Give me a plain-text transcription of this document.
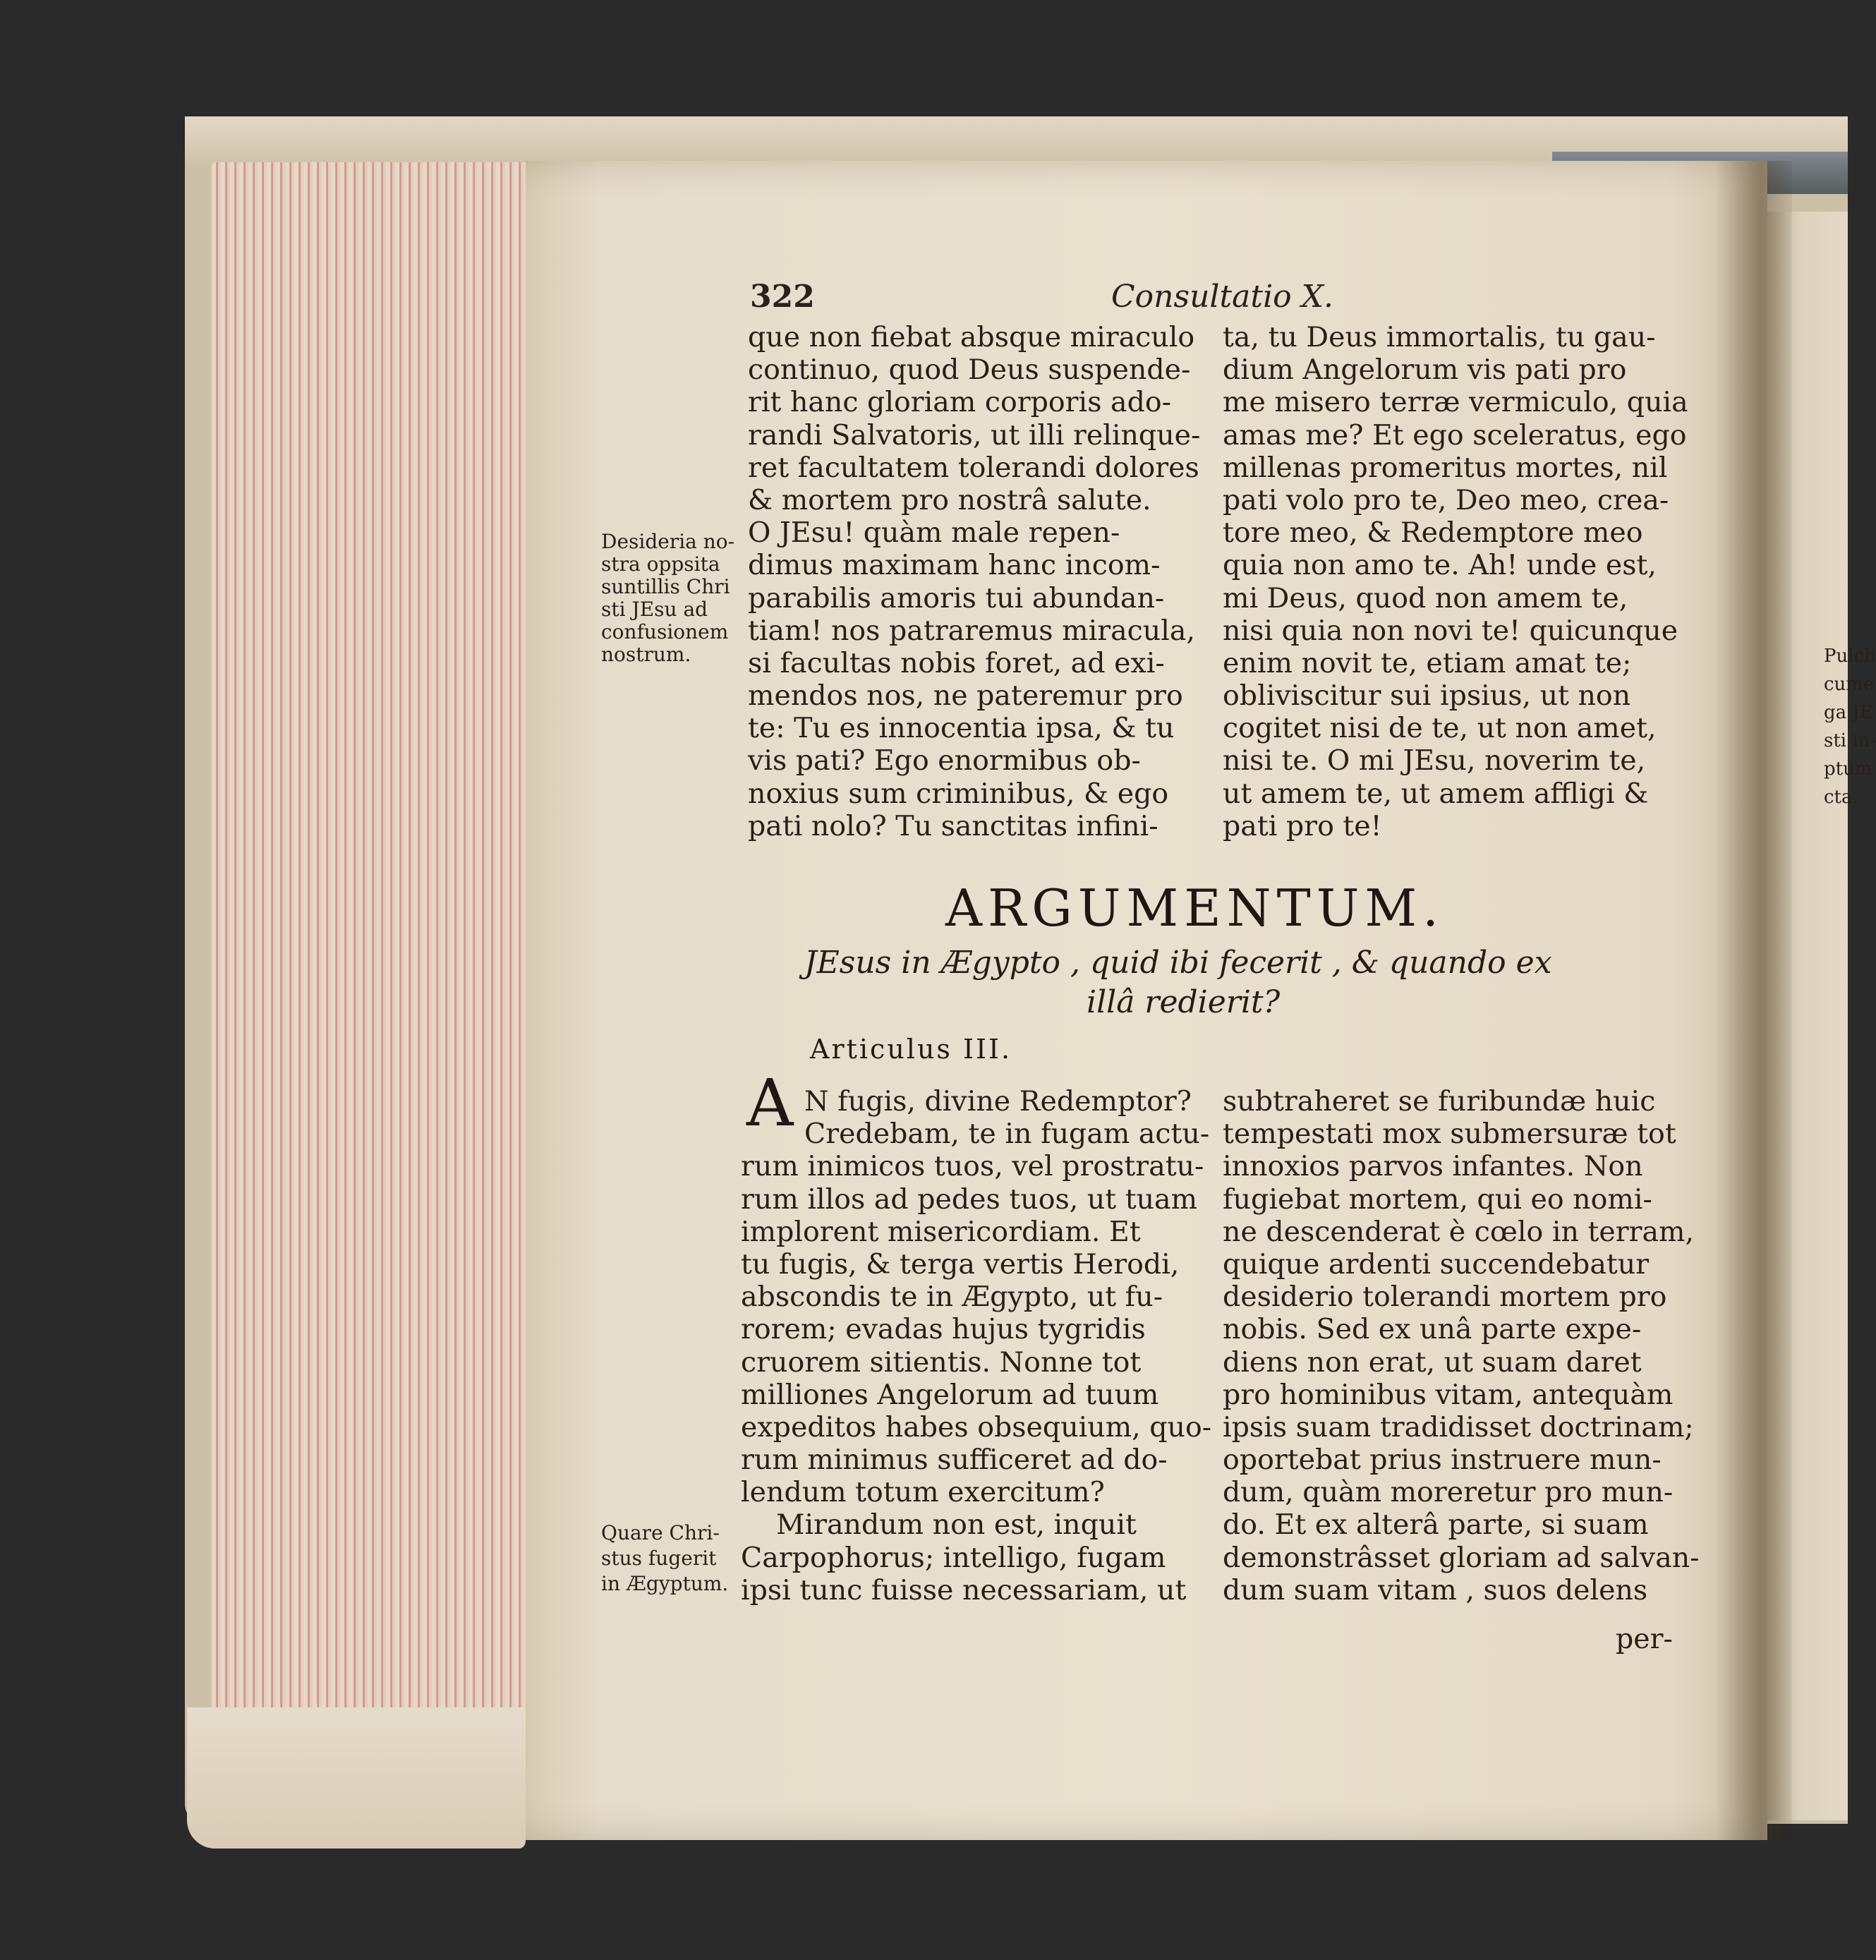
322	Consultatio X.
que non fiebat absque miraculo
continuo, quod Deus suspende-
rit hanc gloriam corporis ado-
randi Salvatoris, ut illi relinque-
ret facultatem tolerandi dolores
& mortem pro nostrâ salute.
O JEsu! quàm male repen-
dimus maximam hanc incom-
parabilis amoris tui abundan-
tiam! nos patraremus miracula,
si facultas nobis foret, ad exi-
mendos nos, ne pateremur pro
te: Tu es innocentia ipsa, & tu
vis pati? Ego enormibus ob-
noxius sum criminibus, & ego
pati nolo? Tu sanctitas infini-
ta, tu Deus immortalis, tu gau-
dium Angelorum vis pati pro
me misero terræ vermiculo, quia
amas me? Et ego sceleratus, ego
millenas promeritus mortes, nil
pati volo pro te, Deo meo, crea-
tore meo, & Redemptore meo
quia non amo te. Ah! unde est,
mi Deus, quod non amem te,
nisi quia non novi te! quicunque
enim novit te, etiam amat te;
obliviscitur sui ipsius, ut non
cogitet nisi de te, ut non amet,
nisi te. O mi JEsu, noverim te,
ut amem te, ut amem affligi &
pati pro te!
Desideria no-
stra oppsita
suntillis Chri
sti JEsu ad
confusionem
nostrum.
ARGUMENTUM.
JEsus in Ægypto , quid ibi fecerit , & quando ex
illâ redierit?
Articulus III.
A N fugis, divine Redemptor?
Credebam, te in fugam actu-
rum inimicos tuos, vel prostratu-
rum illos ad pedes tuos, ut tuam
implorent misericordiam. Et
tu fugis, & terga vertis Herodi,
abscondis te in Ægypto, ut fu-
rorem; evadas hujus tygridis
cruorem sitientis. Nonne tot
milliones Angelorum ad tuum
expeditos habes obsequium, quo-
rum minimus sufficeret ad do-
lendum totum exercitum?
Mirandum non est, inquit
Carpophorus; intelligo, fugam
ipsi tunc fuisse necessariam, ut
subtraheret se furibundæ huic
tempestati mox submersuræ tot
innoxios parvos infantes. Non
fugiebat mortem, qui eo nomi-
ne descenderat è cœlo in terram,
quique ardenti succendebatur
desiderio tolerandi mortem pro
nobis. Sed ex unâ parte expe-
diens non erat, ut suam daret
pro hominibus vitam, antequàm
ipsis suam tradidisset doctrinam;
oportebat prius instruere mun-
dum, quàm moreretur pro mun-
do. Et ex alterâ parte, si suam
demonstrâsset gloriam ad salvan-
dum suam vitam , suos delens
Quare Chri-
stus fugerit
in Ægyptum.
per-
Pulch
cume
ga JE
sti in-
ptum
cta.
